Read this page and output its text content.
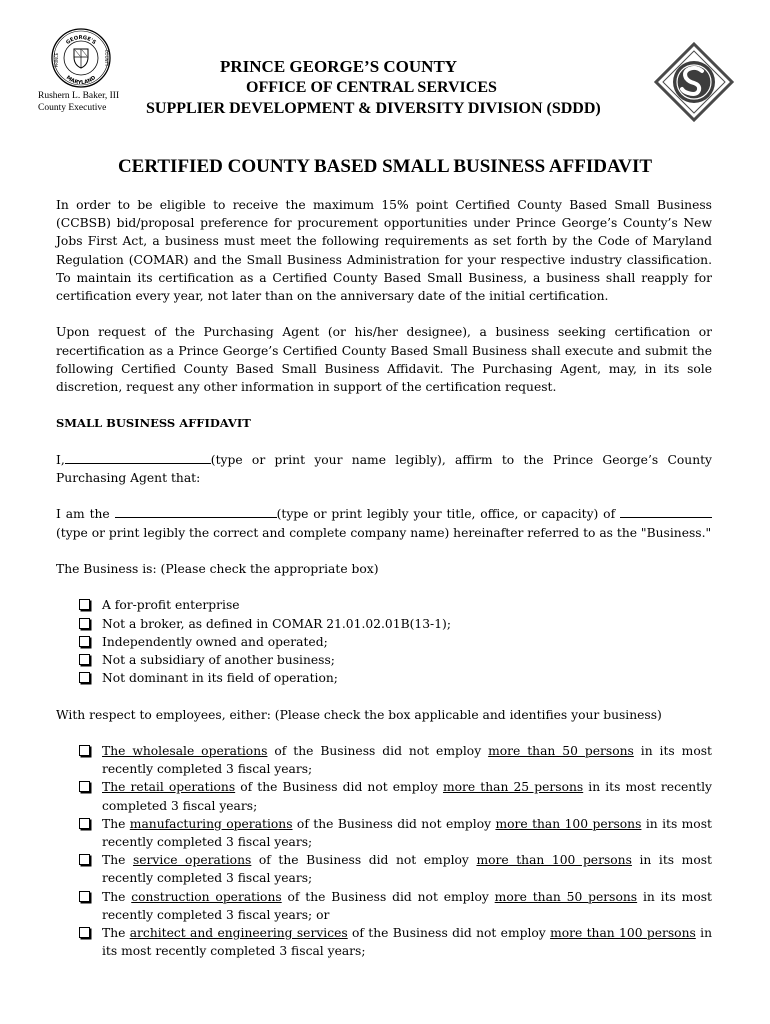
GEORGE'S
MARYLAND
PRINCE	COUNTY
Rushern L. Baker, III
County Executive
PRINCE GEORGE’S COUNTY
OFFICE OF CENTRAL SERVICES
SUPPLIER DEVELOPMENT & DIVERSITY DIVISION (SDDD)
CERTIFIED COUNTY BASED SMALL BUSINESS AFFIDAVIT

In order to be eligible to receive the maximum 15% point Certified County Based Small Business (CCBSB) bid/proposal preference for procurement opportunities under Prince George’s County’s New Jobs First Act, a business must meet the following requirements as set forth by the Code of Maryland Regulation (COMAR) and the Small Business Administration for your respective industry classification. To maintain its certification as a Certified County Based Small Business, a business shall reapply for certification every year, not later than on the anniversary date of the initial certification.

Upon request of the Purchasing Agent (or his/her designee), a business seeking certification or recertification as a Prince George’s Certified County Based Small Business shall execute and submit the following Certified County Based Small Business Affidavit. The Purchasing Agent, may, in its sole discretion, request any other information in support of the certification request.

SMALL BUSINESS AFFIDAVIT

I,	(type or print your name legibly), affirm to the Prince George’s County Purchasing Agent that:

I am the	(type or print legibly your title, office, or capacity) of (type or print legibly the correct and complete company name) hereinafter referred to as the "Business."

The Business is: (Please check the appropriate box)

A for-profit enterprise
Not a broker, as defined in COMAR 21.01.02.01B(13-1);
Independently owned and operated;
Not a subsidiary of another business;
Not dominant in its field of operation;

With respect to employees, either: (Please check the box applicable and identifies your business)

The wholesale operations of the Business did not employ more than 50 persons in its most recently completed 3 fiscal years;
The retail operations of the Business did not employ more than 25 persons in its most recently completed 3 fiscal years;
The manufacturing operations of the Business did not employ more than 100 persons in its most recently completed 3 fiscal years;
The service operations of the Business did not employ more than 100 persons in its most recently completed 3 fiscal years;
The construction operations of the Business did not employ more than 50 persons in its most recently completed 3 fiscal years; or
The architect and engineering services of the Business did not employ more than 100 persons in its most recently completed 3 fiscal years;
